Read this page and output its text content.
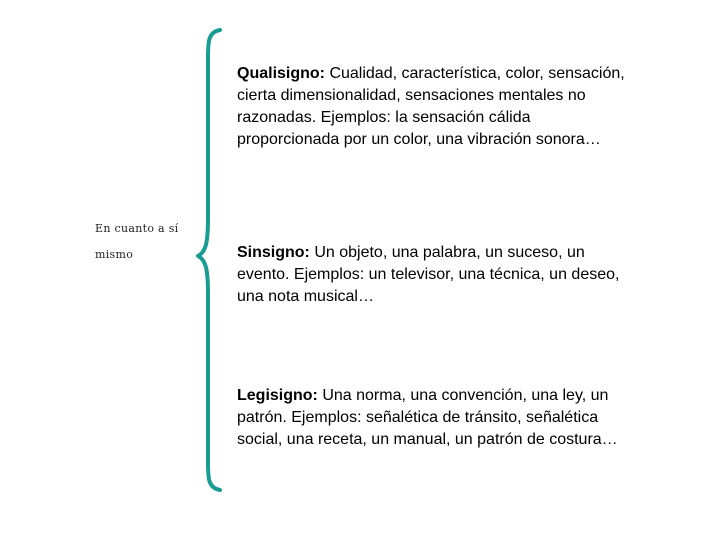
En cuanto a sí
mismo
Qualisigno: Cualidad, característica, color, sensación, cierta dimensionalidad, sensaciones mentales no razonadas. Ejemplos: la sensación cálida proporcionada por un color, una vibración sonora…
Sinsigno: Un objeto, una palabra, un suceso, un evento. Ejemplos: un televisor, una técnica, un deseo, una nota musical…
Legisigno: Una norma, una convención, una ley, un patrón. Ejemplos: señalética de tránsito, señalética social, una receta, un manual, un patrón de costura…
